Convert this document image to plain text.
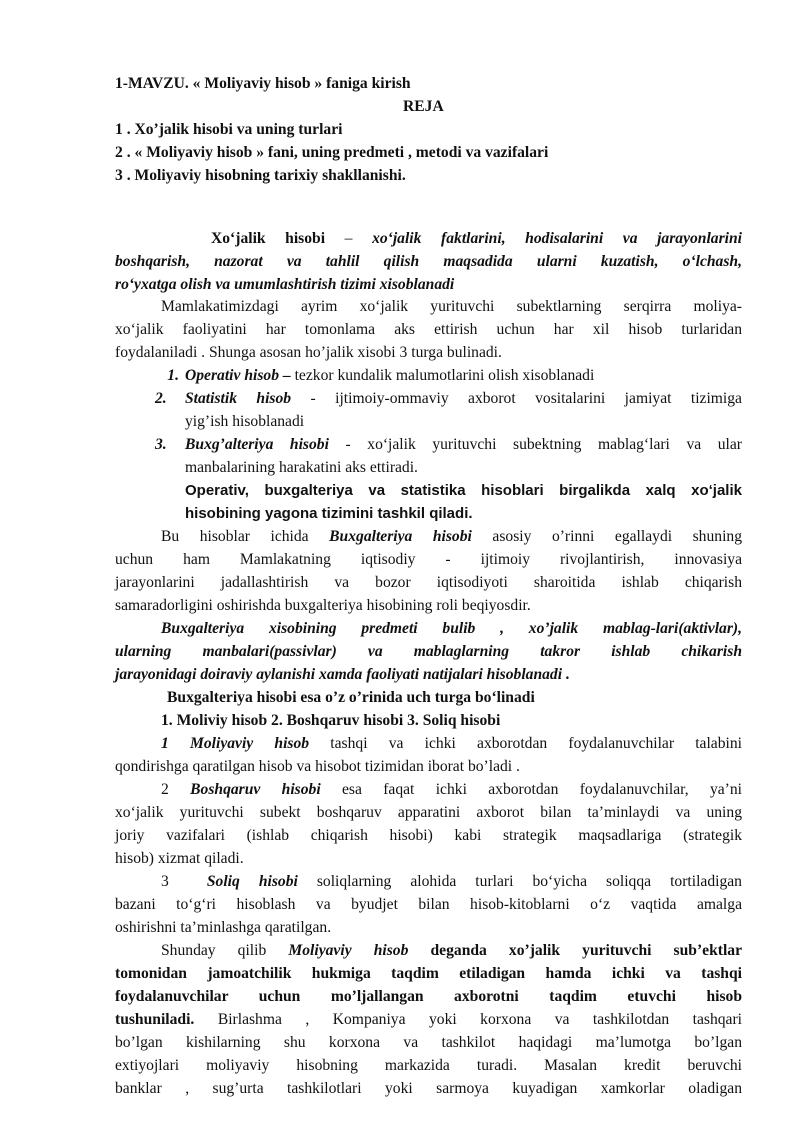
1-MAVZU. « Moliyaviy hisob » faniga kirish
REJA
1 . Xo’jalik hisobi va uning turlari
2 . « Moliyaviy hisob » fani, uning predmeti , metodi va vazifalari
3 . Moliyaviy hisobning tarixiy shakllanishi.
Xo‘jalik hisobi – xo‘jalik faktlarini, hodisalarini va jarayonlarini
boshqarish, nazorat va tahlil qilish maqsadida ularni kuzatish, o‘lchash,
ro‘yxatga olish va umumlashtirish tizimi xisoblanadi
Mamlakatimizdagi ayrim xo‘jalik yurituvchi subektlarning serqirra moliya-
xo‘jalik faoliyatini har tomonlama aks ettirish uchun har xil hisob turlaridan
foydalaniladi . Shunga asosan ho’jalik xisobi 3 turga bulinadi.
1. Operativ hisob – tezkor kundalik malumotlarini olish xisoblanadi
2. Statistik hisob - ijtimoiy-ommaviy axborot vositalarini jamiyat tizimiga
yig’ish hisoblanadi
3. Buxg’alteriya hisobi - xo‘jalik yurituvchi subektning mablag‘lari va ular
manbalarining harakatini aks ettiradi.
Operativ, buxgalteriya va statistika hisoblari birgalikda xalq xo‘jalik
hisobining yagona tizimini tashkil qiladi.
Bu hisoblar ichida Buxgalteriya hisobi asosiy o’rinni egallaydi shuning
uchun ham Mamlakatning iqtisodiy - ijtimoiy rivojlantirish, innovasiya
jarayonlarini jadallashtirish va bozor iqtisodiyoti sharoitida ishlab chiqarish
samaradorligini oshirishda buxgalteriya hisobining roli beqiyosdir.
Buxgalteriya xisobining predmeti bulib , xo’jalik mablag-lari(aktivlar),
ularning manbalari(passivlar) va mablaglarning takror ishlab chikarish
jarayonidagi doiraviy aylanishi xamda faoliyati natijalari hisoblanadi .
Buxgalteriya hisobi esa o’z o’rinida uch turga bo‘linadi
1. Moliviy hisob 2. Boshqaruv hisobi 3. Soliq hisobi
1 Moliyaviy hisob tashqi va ichki axborotdan foydalanuvchilar talabini
qondirishga qaratilgan hisob va hisobot tizimidan iborat bo’ladi .
2 Boshqaruv hisobi esa faqat ichki axborotdan foydalanuvchilar, ya’ni
xo‘jalik yurituvchi subekt boshqaruv apparatini axborot bilan ta’minlaydi va uning
joriy vazifalari (ishlab chiqarish hisobi) kabi strategik maqsadlariga (strategik
hisob) xizmat qiladi.
3 Soliq hisobi soliqlarning alohida turlari bo‘yicha soliqqa tortiladigan
bazani to‘g‘ri hisoblash va byudjet bilan hisob-kitoblarni o‘z vaqtida amalga
oshirishni ta’minlashga qaratilgan.
Shunday qilib Moliyaviy hisob deganda xo’jalik yurituvchi sub’ektlar
tomonidan jamoatchilik hukmiga taqdim etiladigan hamda ichki va tashqi
foydalanuvchilar uchun mo’ljallangan axborotni taqdim etuvchi hisob
tushuniladi. Birlashma , Kompaniya yoki korxona va tashkilotdan tashqari
bo’lgan kishilarning shu korxona va tashkilot haqidagi ma’lumotga bo’lgan
extiyojlari moliyaviy hisobning markazida turadi. Masalan kredit beruvchi
banklar , sug’urta tashkilotlari yoki sarmoya kuyadigan xamkorlar oladigan
